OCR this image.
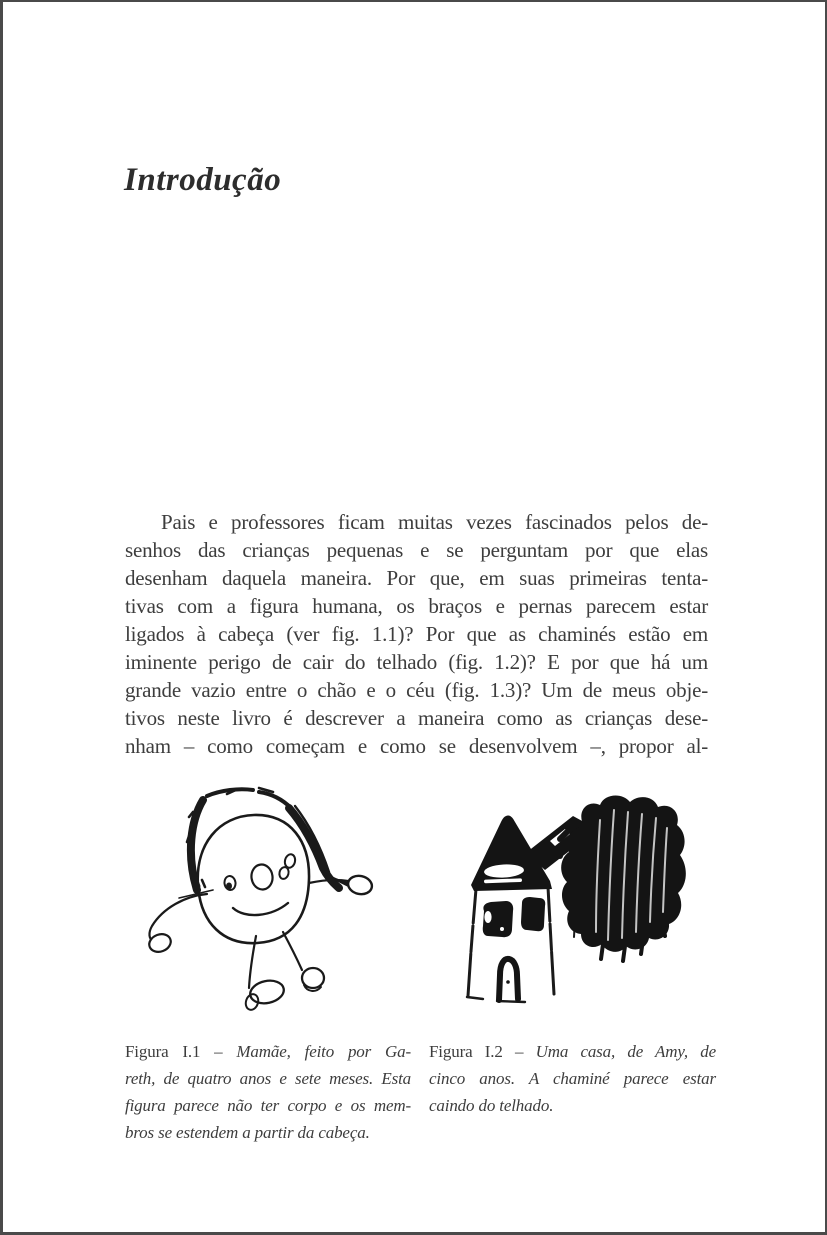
Introdução
Pais e professores ficam muitas vezes fascinados pelos de-
senhos das crianças pequenas e se perguntam por que elas
desenham daquela maneira. Por que, em suas primeiras tenta-
tivas com a figura humana, os braços e pernas parecem estar
ligados à cabeça (ver fig. 1.1)? Por que as chaminés estão em
iminente perigo de cair do telhado (fig. 1.2)? E por que há um
grande vazio entre o chão e o céu (fig. 1.3)? Um de meus obje-
tivos neste livro é descrever a maneira como as crianças dese-
nham – como começam e como se desenvolvem –, propor al-
Figura I.1 – Mamãe, feito por Ga-
reth, de quatro anos e sete meses. Esta
figura parece não ter corpo e os mem-
bros se estendem a partir da cabeça.
Figura I.2 – Uma casa, de Amy, de
cinco anos. A chaminé parece estar
caindo do telhado.
